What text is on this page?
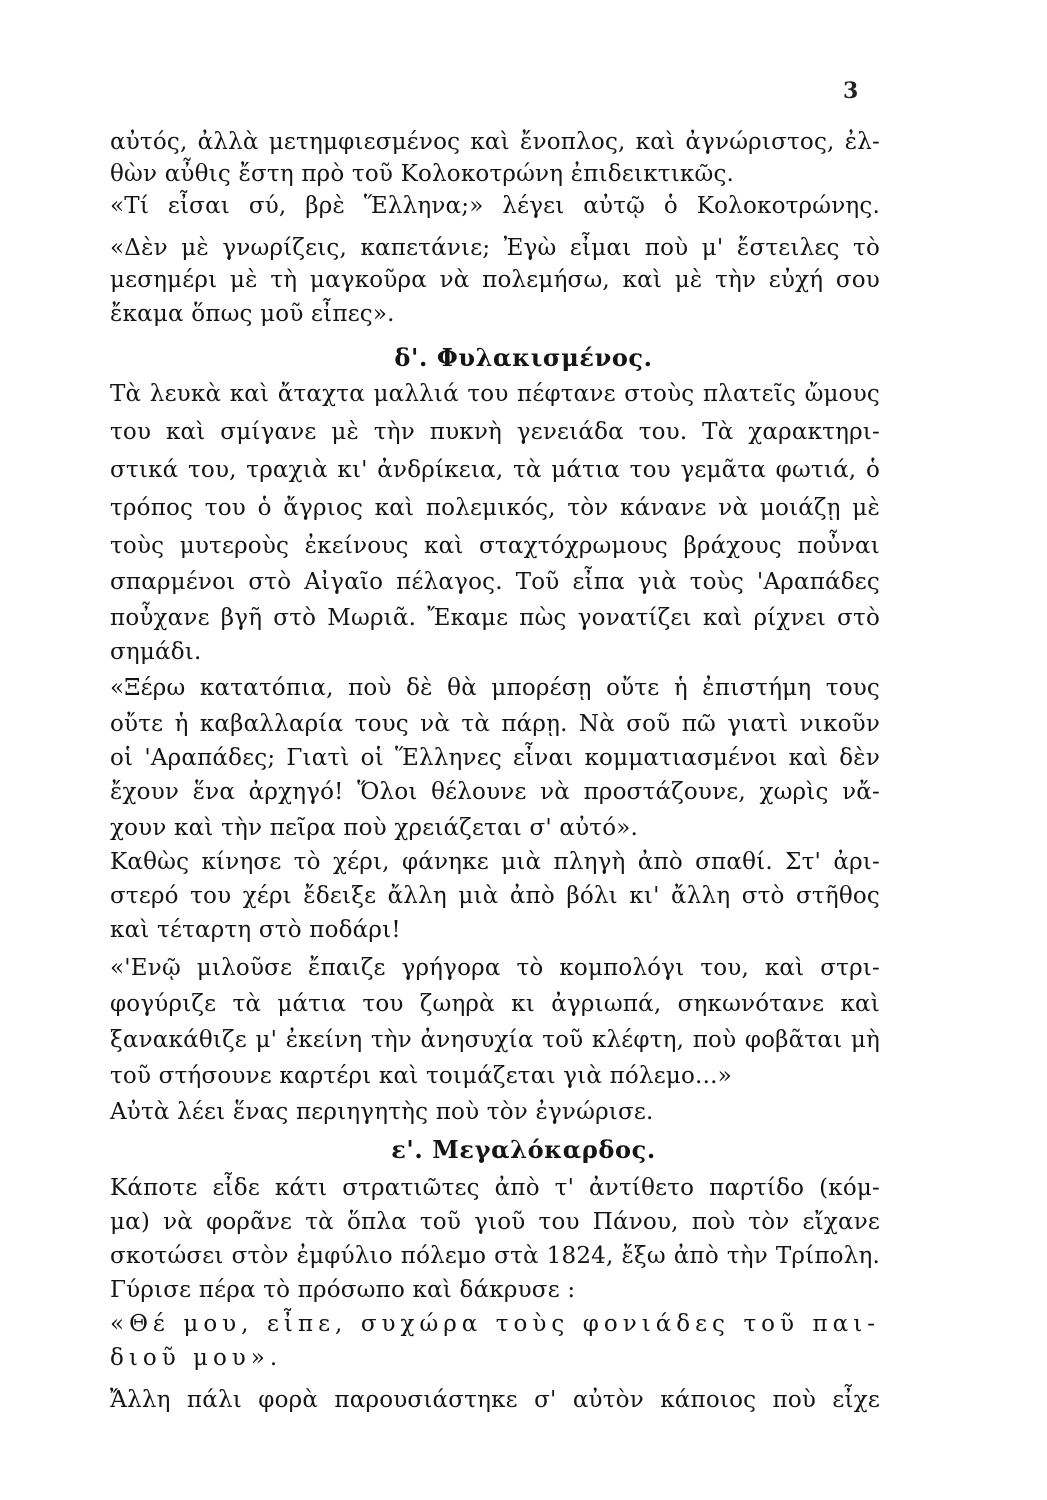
3
αὐτός, ἀλλὰ μετημφιεσμένος καὶ ἔνοπλος, καὶ ἀγνώριστος, ἐλ-
θὼν αὖθις ἔστη πρὸ τοῦ Κολοκοτρώνη ἐπιδεικτικῶς.
«Τί εἶσαι σύ, βρὲ Ἕλληνα;» λέγει αὐτῷ ὁ Κολοκοτρώνης.
«Δὲν μὲ γνωρίζεις, καπετάνιε; Ἐγὼ εἶμαι ποὺ μ' ἔστειλες τὸ
μεσημέρι μὲ τὴ μαγκοῦρα νὰ πολεμήσω, καὶ μὲ τὴν εὐχή σου
ἔκαμα ὅπως μοῦ εἶπες».
δ'. Φυλακισμένος.
Τὰ λευκὰ καὶ ἄταχτα μαλλιά του πέφτανε στοὺς πλατεῖς ὤμους
του καὶ σμίγανε μὲ τὴν πυκνὴ γενειάδα του. Τὰ χαρακτηρι-
στικά του, τραχιὰ κι' ἀνδρίκεια, τὰ μάτια του γεμᾶτα φωτιά, ὁ
τρόπος του ὁ ἄγριος καὶ πολεμικός, τὸν κάνανε νὰ μοιάζῃ μὲ
τοὺς μυτεροὺς ἐκείνους καὶ σταχτόχρωμους βράχους ποὖναι
σπαρμένοι στὸ Αἰγαῖο πέλαγος. Τοῦ εἶπα γιὰ τοὺς 'Αραπάδες
ποὖχανε βγῆ στὸ Μωριᾶ. Ἔκαμε πὼς γονατίζει καὶ ρίχνει στὸ
σημάδι.
«Ξέρω κατατόπια, ποὺ δὲ θὰ μπορέσῃ οὔτε ἡ ἐπιστήμη τους
οὔτε ἡ καβαλλαρία τους νὰ τὰ πάρῃ. Νὰ σοῦ πῶ γιατὶ νικοῦν
οἱ 'Αραπάδες; Γιατὶ οἱ Ἕλληνες εἶναι κομματιασμένοι καὶ δὲν
ἔχουν ἕνα ἀρχηγό! Ὅλοι θέλουνε νὰ προστάζουνε, χωρὶς νἄ-
χουν καὶ τὴν πεῖρα ποὺ χρειάζεται σ' αὐτό».
Καθὼς κίνησε τὸ χέρι, φάνηκε μιὰ πληγὴ ἀπὸ σπαθί. Στ' ἀρι-
στερό του χέρι ἔδειξε ἄλλη μιὰ ἀπὸ βόλι κι' ἄλλη στὸ στῆθος
καὶ τέταρτη στὸ ποδάρι!
«'Ενῷ μιλοῦσε ἔπαιζε γρήγορα τὸ κομπολόγι του, καὶ στρι-
φογύριζε τὰ μάτια του ζωηρὰ κι ἀγριωπά, σηκωνότανε καὶ
ξανακάθιζε μ' ἐκείνη τὴν ἀνησυχία τοῦ κλέφτη, ποὺ φοβᾶται μὴ
τοῦ στήσουνε καρτέρι καὶ τοιμάζεται γιὰ πόλεμο...»
Αὐτὰ λέει ἕνας περιηγητὴς ποὺ τὸν ἐγνώρισε.
ε'. Μεγαλόκαρδος.
Κάποτε εἶδε κάτι στρατιῶτες ἀπὸ τ' ἀντίθετο παρτίδο (κόμ-
μα) νὰ φορᾶνε τὰ ὅπλα τοῦ γιοῦ του Πάνου, ποὺ τὸν εἴχανε
σκοτώσει στὸν ἐμφύλιο πόλεμο στὰ 1824, ἔξω ἀπὸ τὴν Τρίπολη.
Γύρισε πέρα τὸ πρόσωπο καὶ δάκρυσε :
«Θέ μου, εἶπε, συχώρα τοὺς φονιάδες τοῦ παι-
διοῦ μου».
Ἄλλη πάλι φορὰ παρουσιάστηκε σ' αὐτὸν κάποιος ποὺ εἶχε
